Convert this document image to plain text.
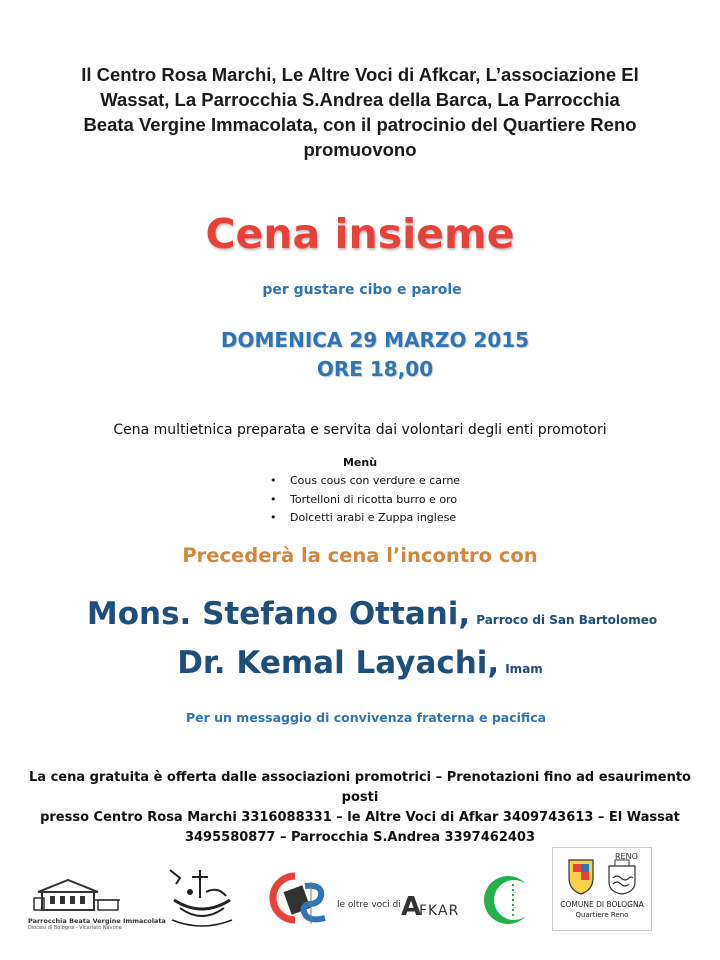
Il Centro Rosa Marchi, Le Altre Voci di Afkcar, L’associazione El
Wassat, La Parrocchia S.Andrea della Barca, La Parrocchia
Beata Vergine Immacolata, con il patrocinio del Quartiere Reno
promuovono
Cena insieme
per gustare cibo e parole
DOMENICA 29 MARZO 2015
ORE 18,00
Cena multietnica preparata e servita dai volontari degli enti promotori
Menù
• Cous cous con verdure e carne
• Tortelloni di ricotta burro e oro
• Dolcetti arabi e Zuppa inglese
Precederà la cena l’incontro con
Mons. Stefano Ottani, Parroco di San Bartolomeo
Dr. Kemal Layachi, Imam
Per un messaggio di convivenza fraterna e pacifica
La cena gratuita è offerta dalle associazioni promotrici – Prenotazioni fino ad esaurimento posti
presso Centro Rosa Marchi 3316088331 – le Altre Voci di Afkar 3409743613 – El Wassat
3495580877 – Parrocchia S.Andrea 3397462403
Parrocchia Beata Vergine Immacolata
Diocesi di Bologna - Vicariato Navone
le oltre voci di A
FKAR
RENO
COMUNE DI BOLOGNA
Quartiere Reno
